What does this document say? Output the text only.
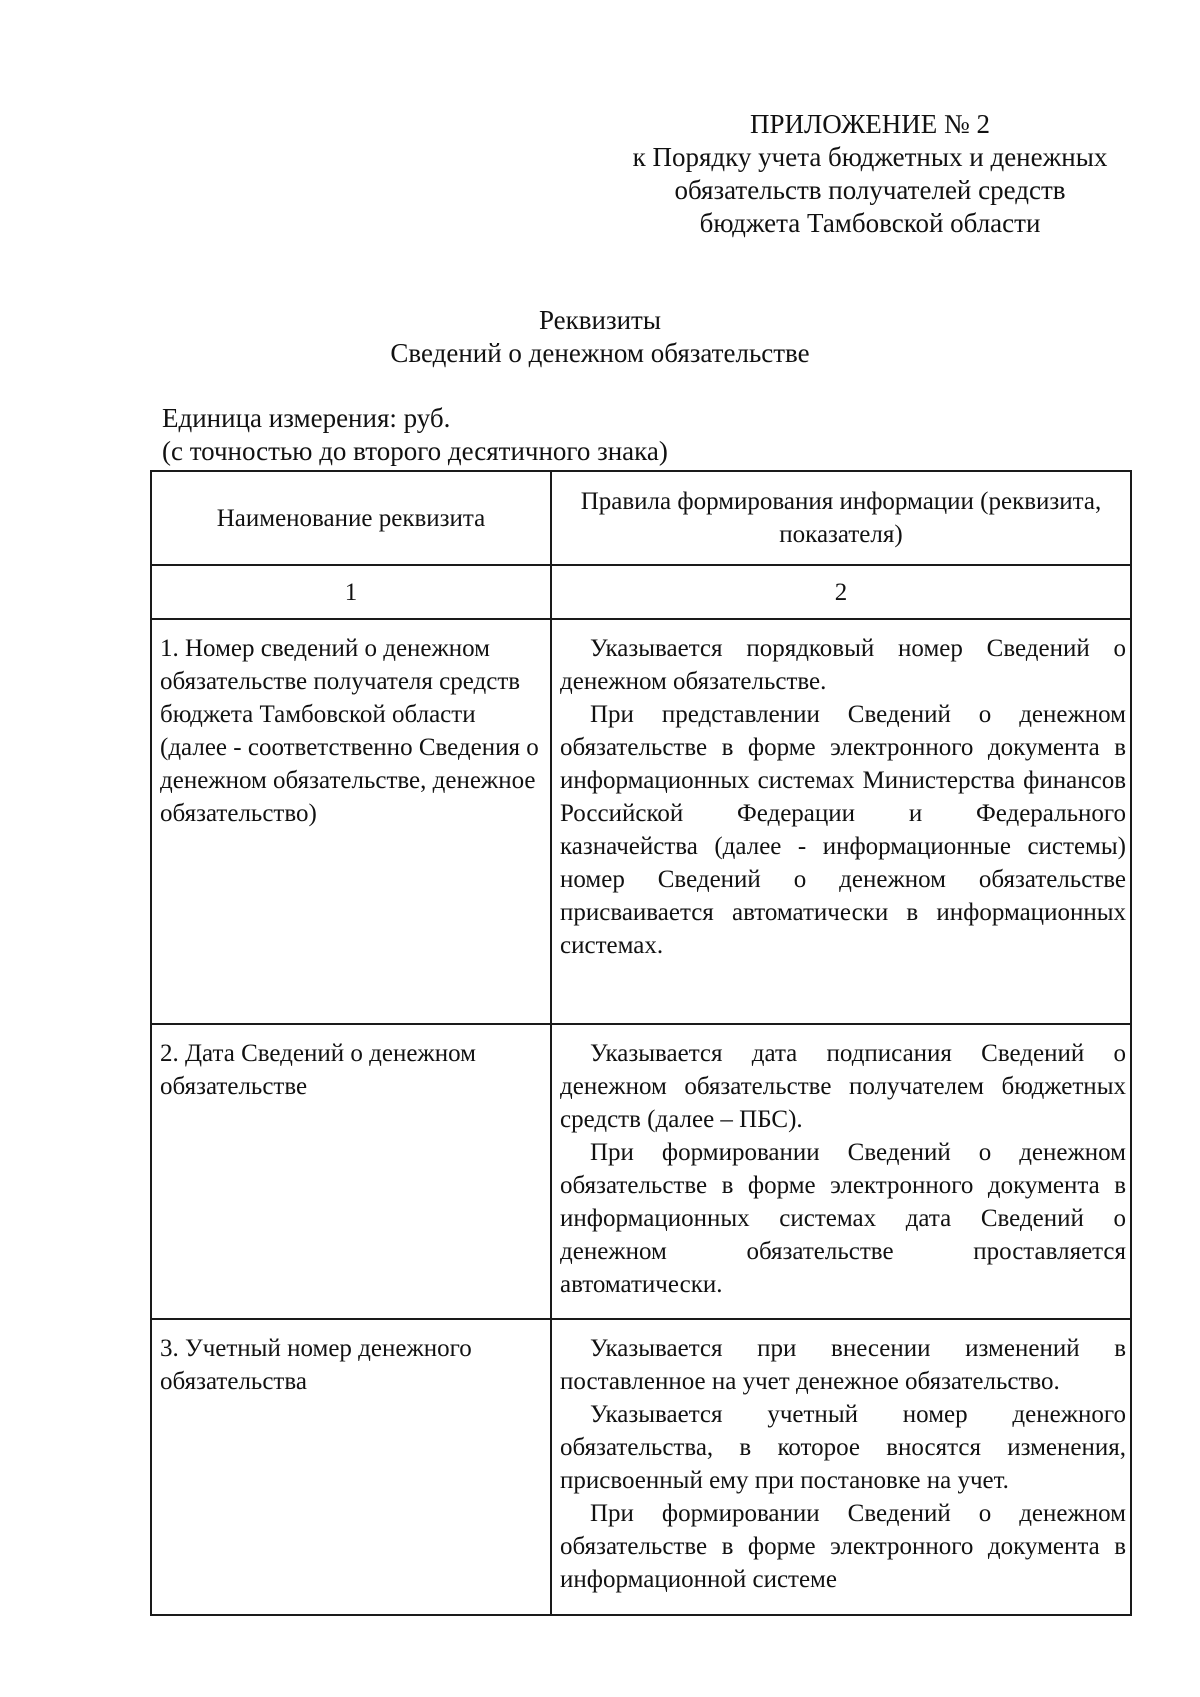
ПРИЛОЖЕНИЕ № 2
к Порядку учета бюджетных и денежных
обязательств получателей средств
бюджета Тамбовской области
Реквизиты
Сведений о денежном обязательстве
Единица измерения: руб.
(с точностью до второго десятичного знака)
Наименование реквизита	Правила формирования информации (реквизита, показателя)
1	2
1. Номер сведений о денежном обязательстве получателя средств бюджета Тамбовской области (далее - соответственно Сведения о денежном обязательстве, денежное обязательство)	Указывается порядковый номер Сведений о денежном обязательстве.

При представлении Сведений о денежном обязательстве в форме электронного документа в информационных системах Министерства финансов Российской Федерации и Федерального казначейства (далее - информационные системы) номер Сведений о денежном обязательстве присваивается автоматически в информационных системах.

2. Дата Сведений о денежном обязательстве	Указывается дата подписания Сведений о денежном обязательстве получателем бюджетных средств (далее – ПБС).

При формировании Сведений о денежном обязательстве в форме электронного документа в информационных системах дата Сведений о денежном обязательстве проставляется автоматически.

3. Учетный номер денежного обязательства	Указывается при внесении изменений в поставленное на учет денежное обязательство.

Указывается учетный номер денежного обязательства, в которое вносятся изменения, присвоенный ему при постановке на учет.

При формировании Сведений о денежном обязательстве в форме электронного документа в информационной системе
